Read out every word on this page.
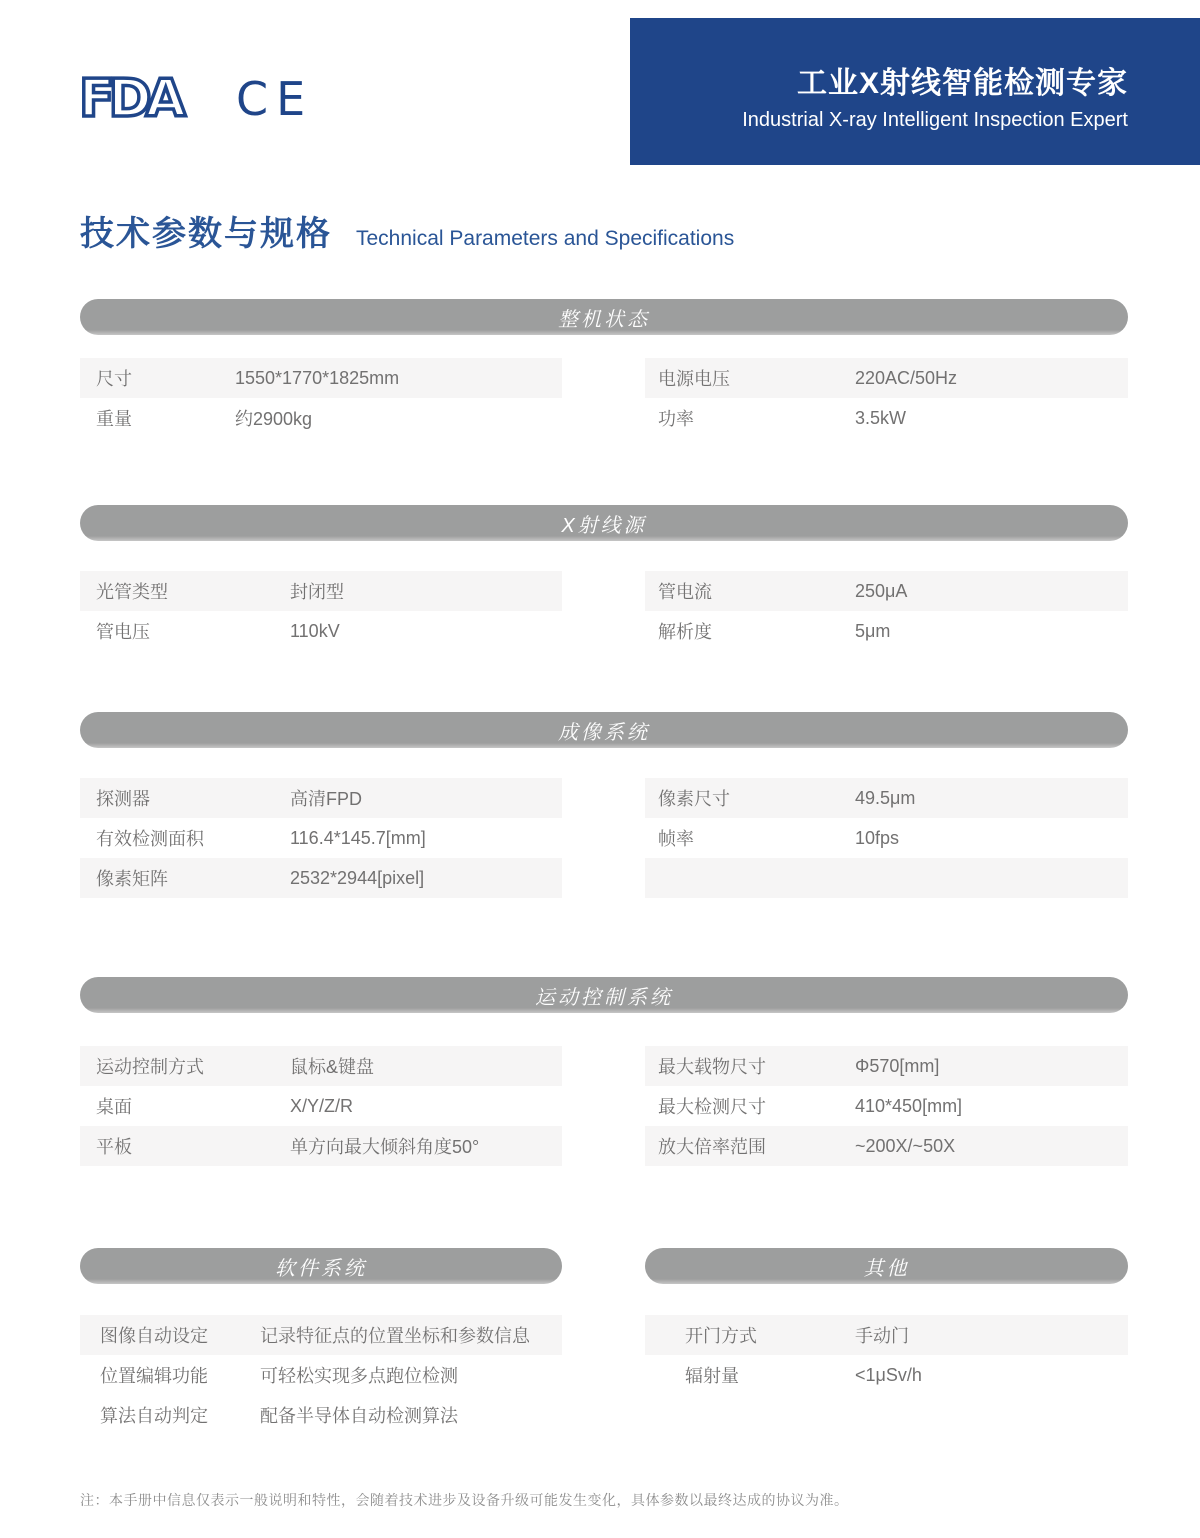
工业X射线智能检测专家
Industrial X-ray Intelligent Inspection Expert
FDA CE
技术参数与规格 Technical Parameters and Specifications
整机状态
尺寸	1550*1770*1825mm
重量	约2900kg
电源电压	220AC/50Hz
功率	3.5kW
X射线源
光管类型	封闭型
管电压	110kV
管电流	250μA
解析度	5μm
成像系统
探测器	高清FPD
有效检测面积	116.4*145.7[mm]
像素矩阵	2532*2944[pixel]
像素尺寸	49.5μm
帧率	10fps
运动控制系统
运动控制方式	鼠标&键盘
桌面	X/Y/Z/R
平板	单方向最大倾斜角度50°
最大载物尺寸	Φ570[mm]
最大检测尺寸	410*450[mm]
放大倍率范围	~200X/~50X
软件系统
图像自动设定	记录特征点的位置坐标和参数信息
位置编辑功能	可轻松实现多点跑位检测
算法自动判定	配备半导体自动检测算法
其他
开门方式	手动门
辐射量	<1μSv/h
注：本手册中信息仅表示一般说明和特性，会随着技术进步及设备升级可能发生变化，具体参数以最终达成的协议为准。
